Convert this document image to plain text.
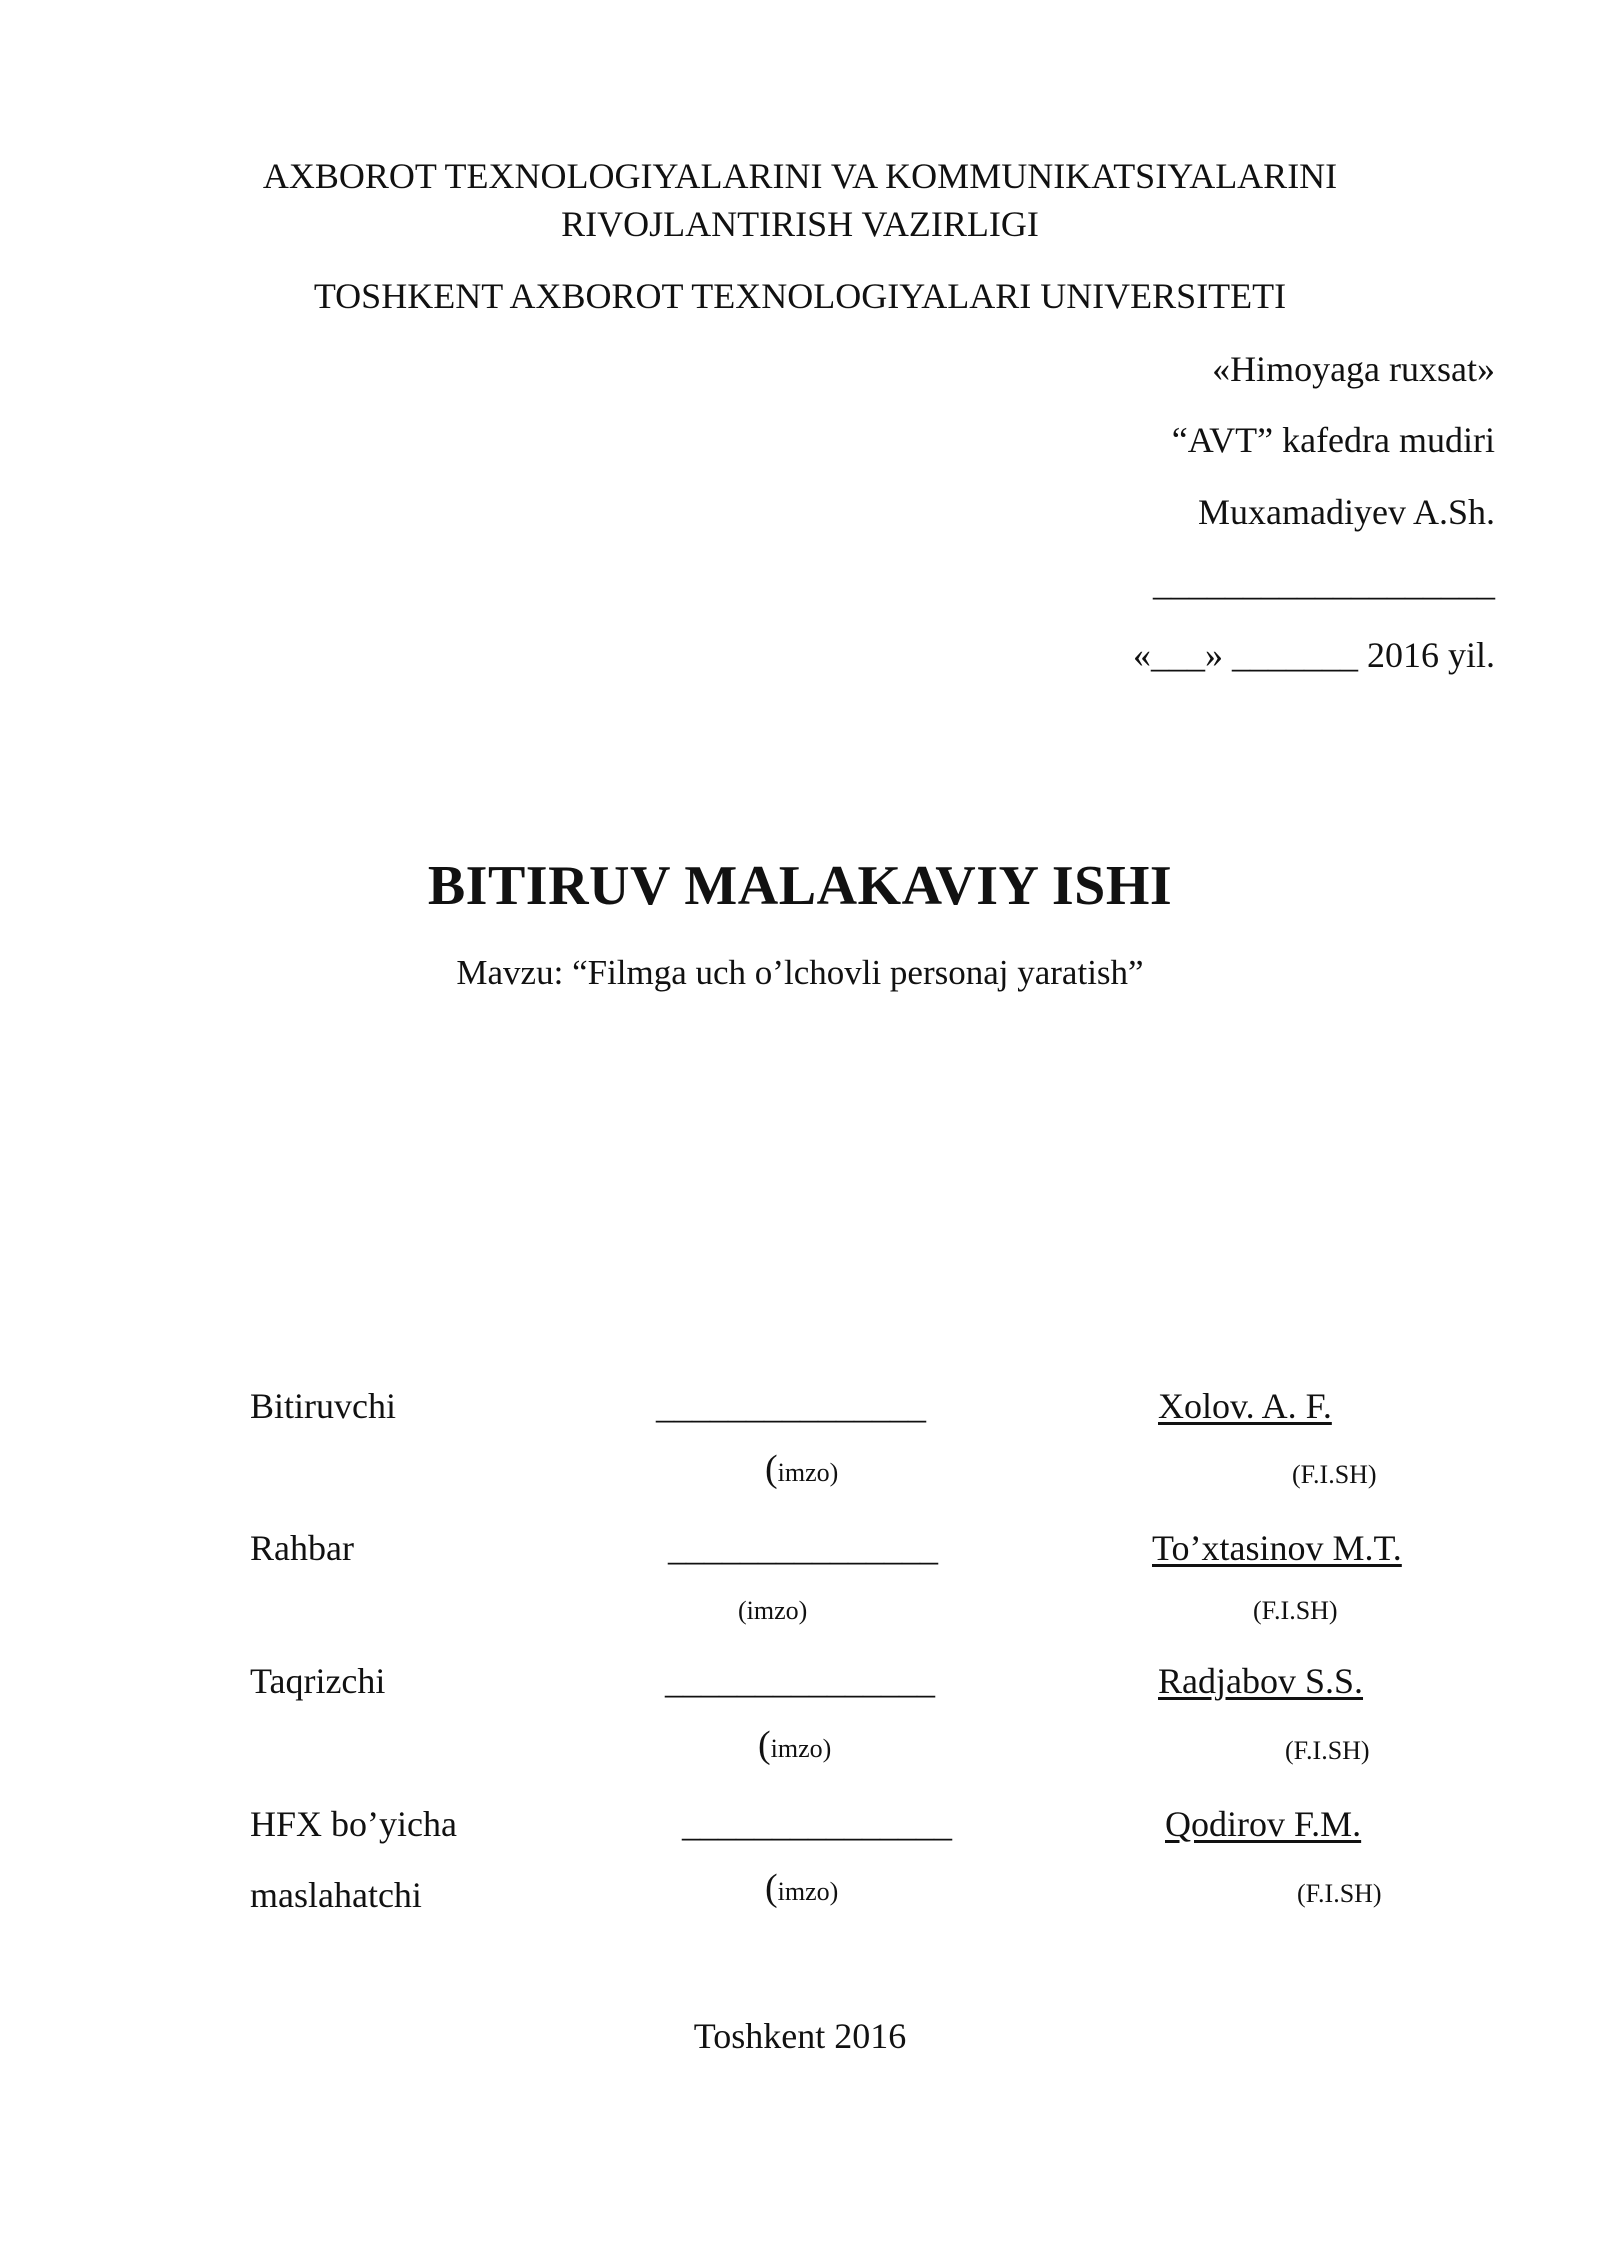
AXBOROT TEXNOLOGIYALARINI VA KOMMUNIKATSIYALARINI
RIVOJLANTIRISH VAZIRLIGI
TOSHKENT AXBOROT TEXNOLOGIYALARI UNIVERSITETI
«Himoyaga ruxsat»
“AVT” kafedra mudiri
Muxamadiyev A.Sh.
___________________
«___» _______ 2016 yil.
BITIRUV MALAKAVIY ISHI
Mavzu: “Filmga uch o’lchovli personaj yaratish”
Bitiruvchi	_______________	Xolov. A. F.
(imzo)	(F.I.SH)
Rahbar	_______________	To’xtasinov M.T.
(imzo)	(F.I.SH)
Taqrizchi	_______________	Radjabov S.S.
(imzo)	(F.I.SH)
HFX bo’yicha	_______________	Qodirov F.M.
maslahatchi	(imzo)	(F.I.SH)
Toshkent 2016
